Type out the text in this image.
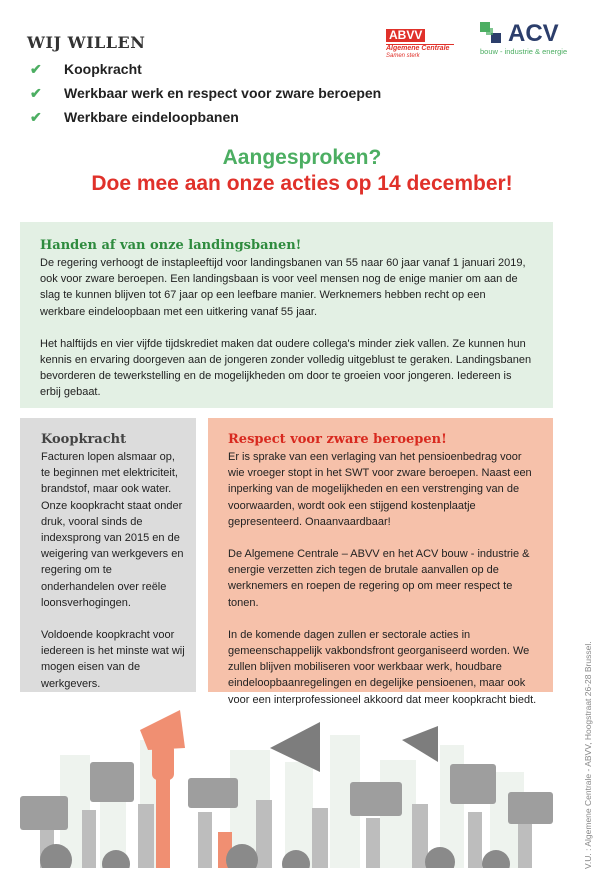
WIJ WILLEN
✔ Koopkracht
✔ Werkbaar werk en respect voor zware beroepen
✔ Werkbare eindeloopbanen
ABVV
Algemene Centrale
Samen sterk
ACV
bouw - industrie & energie
Aangesproken?
Doe mee aan onze acties op 14 december!
Handen af van onze landingsbanen!

De regering verhoogt de instapleeftijd voor landingsbanen van 55 naar 60 jaar vanaf 1 januari 2019, ook voor zware beroepen. Een landingsbaan is voor veel mensen nog de enige manier om aan de slag te kunnen blijven tot 67 jaar op een leefbare manier. Werknemers hebben recht op een werkbare eindeloopbaan met een uitkering vanaf 55 jaar.

Het halftijds en vier vijfde tijdskrediet maken dat oudere collega's minder ziek vallen. Ze kunnen hun kennis en ervaring doorgeven aan de jongeren zonder volledig uitgeblust te geraken. Landingsbanen bevorderen de tewerkstelling en de mogelijkheden om door te groeien voor jongeren. Iedereen is erbij gebaat.

Koopkracht

Facturen lopen alsmaar op, te beginnen met elektriciteit, brandstof, maar ook water. Onze koopkracht staat onder druk, vooral sinds de indexsprong van 2015 en de weigering van werkgevers en regering om te onderhandelen over reële loonsverhogingen.

Voldoende koopkracht voor iedereen is het minste wat wij mogen eisen van de werkgevers.

Respect voor zware beroepen!

Er is sprake van een verlaging van het pensioenbedrag voor wie vroeger stopt in het SWT voor zware beroepen. Naast een inperking van de mogelijkheden en een verstrenging van de voorwaarden, wordt ook een stijgend kostenplaatje gepresenteerd. Onaanvaardbaar!

De Algemene Centrale – ABVV en het ACV bouw - industrie & energie verzetten zich tegen de brutale aanvallen op de werknemers en roepen de regering op om meer respect te tonen.

In de komende dagen zullen er sectorale acties in gemeenschappelijk vakbondsfront georganiseerd worden. We zullen blijven mobiliseren voor werkbaar werk, houdbare eindeloopbaanregelingen en degelijke pensioenen, maar ook voor een interprofessioneel akkoord dat meer koopkracht biedt.	V.U. : Algemene Centrale - ABVV, Hoogstraat 26-28 Brussel.
